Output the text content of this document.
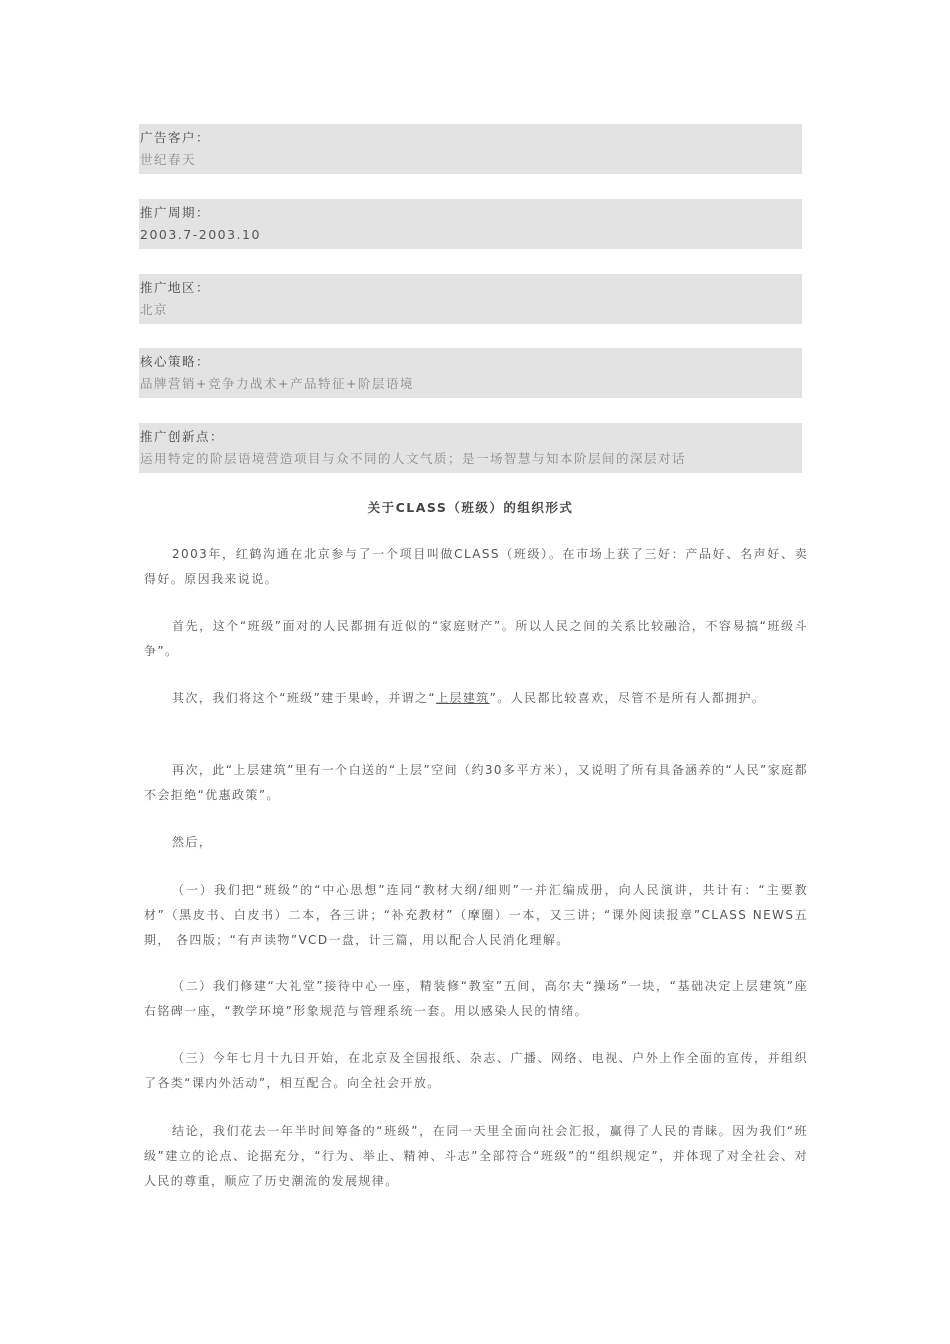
广告客户：
世纪春天
推广周期：
2003.7-2003.10
推广地区：
北京
核心策略：
品牌营销+竞争力战术+产品特征+阶层语境
推广创新点：
运用特定的阶层语境营造项目与众不同的人文气质；是一场智慧与知本阶层间的深层对话
关于CLASS（班级）的组织形式

2003年，红鹤沟通在北京参与了一个项目叫做CLASS（班级）。在市场上获了三好：产品好、名声好、卖得好。原因我来说说。

首先，这个“班级”面对的人民都拥有近似的“家庭财产”。所以人民之间的关系比较融洽，不容易搞“班级斗争”。

其次，我们将这个“班级”建于果岭，并谓之“上层建筑”。人民都比较喜欢，尽管不是所有人都拥护。

再次，此“上层建筑”里有一个白送的“上层”空间（约30多平方米），又说明了所有具备涵养的“人民”家庭都不会拒绝“优惠政策”。

然后，

（一）我们把“班级”的“中心思想”连同“教材大纲/细则”一并汇编成册，向人民演讲，共计有：“主要教材”（黑皮书、白皮书）二本，各三讲；“补充教材”（摩圈）一本，又三讲；“课外阅读报章”CLASS NEWS五期， 各四版；“有声读物”VCD一盘，计三篇，用以配合人民消化理解。

（二）我们修建“大礼堂”接待中心一座，精装修“教室”五间，高尔夫“操场”一块，“基础决定上层建筑”座右铭碑一座，“教学环境”形象规范与管理系统一套。用以感染人民的情绪。

（三）今年七月十九日开始，在北京及全国报纸、杂志、广播、网络、电视、户外上作全面的宣传，并组织了各类“课内外活动”，相互配合。向全社会开放。

结论，我们花去一年半时间筹备的“班级”，在同一天里全面向社会汇报，赢得了人民的青睐。因为我们“班级”建立的论点、论据充分，“行为、举止、精神、斗志”全部符合“班级”的“组织规定”，并体现了对全社会、对人民的尊重，顺应了历史潮流的发展规律。
